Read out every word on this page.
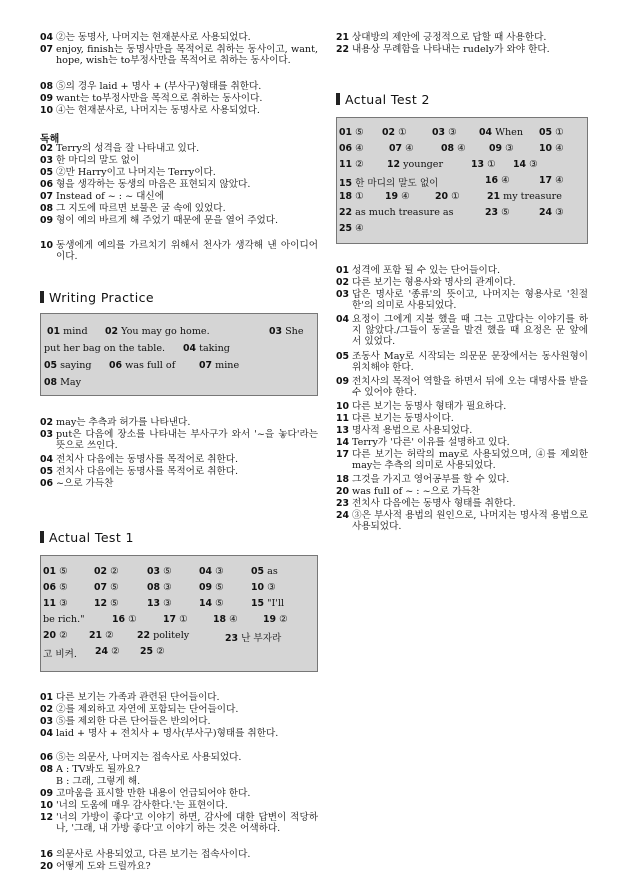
04 ②는 동명사, 나머지는 현재분사로 사용되었다.
07 enjoy, finish는 동명사만을 목적어로 취하는 동사이고, want, hope, wish는 to부정사만을 목적어로 취하는 동사이다.
08 ⑤의 경우 laid + 명사 + (부사구)형태를 취한다.
09 want는 to부정사만을 목적으로 취하는 동사이다.
10 ④는 현재분사로, 나머지는 동명사로 사용되었다.
독해
02 Terry의 성격을 잘 나타내고 있다.
03 한 마디의 말도 없이
05 ②만 Harry이고 나머지는 Terry이다.
06 형을 생각하는 동생의 마음은 표현되지 않았다.
07 Instead of ~ : ~ 대신에
08 그 지도에 따르면 보물은 굴 속에 있었다.
09 형이 예의 바르게 해 주었기 때문에 문을 열어 주었다.
10 동생에게 예의를 가르치기 위해서 천사가 생각해 낸 아이디어이다.
Writing Practice
01 mind 02 You may go home.	03 She
put her bag on the table. 04 taking
05 saying 06 was full of	07 mine
08 May
02 may는 추측과 허가를 나타낸다.
03 put은 다음에 장소를 나타내는 부사구가 와서 '~을 놓다'라는 뜻으로 쓰인다.
04 전치사 다음에는 동명사를 목적어로 취한다.
05 전치사 다음에는 동명사를 목적어로 취한다.
06 ~으로 가득찬
Actual Test 1
01 ⑤	02 ②	03 ⑤	04 ③	05 as
06 ⑤	07 ⑤	08 ③	09 ⑤	10 ③
11 ③	12 ⑤	13 ③	14 ⑤	15 "I'll
be rich."	16 ①	17 ①	18 ④	19 ②
20 ② 21 ② 22 politely	23 난 부자라
고 비켜. 24 ② 25 ②
01 다른 보기는 가족과 관련된 단어들이다.
02 ②를 제외하고 자연에 포함되는 단어들이다.
03 ⑤를 제외한 다른 단어들은 반의어다.
04 laid + 명사 + 전치사 + 명사(부사구)형태를 취한다.
06 ⑤는 의문사, 나머지는 접속사로 사용되었다.
08 A : TV봐도 될까요?
B : 그래, 그렇게 해.
09 고마움을 표시할 만한 내용이 언급되어야 한다.
10 '너의 도움에 매우 감사한다.'는 표현이다.
12 '너의 가방이 좋다'고 이야기 하면, 감사에 대한 답변이 적당하나, '그래, 내 가방 좋다'고 이야기 하는 것은 어색하다.
16 의문사로 사용되었고, 다른 보기는 접속사이다.
20 어떻게 도와 드릴까요?
21 상대방의 제안에 긍정적으로 답할 때 사용한다.
22 내용상 무례함을 나타내는 rudely가 와야 한다.
Actual Test 2
01 ⑤ 02 ①	03 ③ 04 When 05 ①
06 ④	07 ④	08 ④ 09 ③	10 ④
11 ② 12 younger	13 ① 14 ③
15 한 마디의 말도 없이	16 ④	17 ④
18 ① 19 ④	20 ①	21 my treasure
22 as much treasure as	23 ⑤	24 ③
25 ④
01 성격에 포함 될 수 있는 단어들이다.
02 다른 보기는 형용사와 명사의 관계이다.
03 답은 명사로 '종류'의 뜻이고, 나머지는 형용사로 '친절한'의 의미로 사용되었다.
04 요정이 그에게 지불 했을 때 그는 고맙다는 이야기를 하지 않았다./그들이 동굴을 발견 했을 때 요정은 문 앞에 서 있었다.
05 조동사 May로 시작되는 의문문 문장에서는 동사원형이 위치해야 한다.
09 전치사의 목적어 역할을 하면서 뒤에 오는 대명사를 받을 수 있어야 한다.
10 다른 보기는 동명사 형태가 필요하다.
11 다른 보기는 동명사이다.
13 명사적 용법으로 사용되었다.
14 Terry가 '다른' 이유를 설명하고 있다.
17 다른 보기는 허락의 may로 사용되었으며, ④를 제외한 may는 추측의 의미로 사용되었다.
18 그것을 가지고 영어공부를 할 수 있다.
20 was full of ~ : ~으로 가득찬
23 전치사 다음에는 동명사 형태를 취한다.
24 ③은 부사적 용법의 원인으로, 나머지는 명사적 용법으로 사용되었다.
